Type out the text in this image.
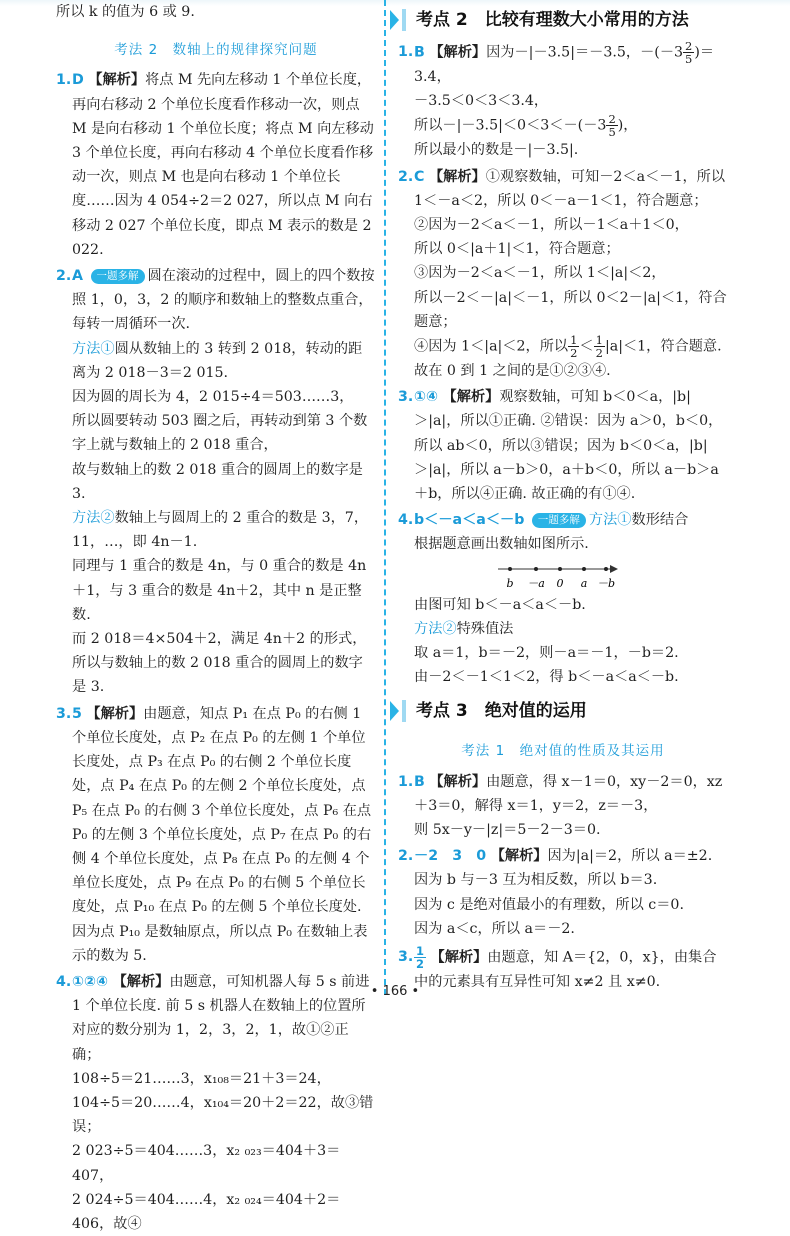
所以 k 的值为 6 或 9.

考法 2　数轴上的规律探究问题
1. D 【解析】将点 M 先向左移动 1 个单位长度，再向右移动 2 个单位长度看作移动一次，则点 M 是向右移动 1 个单位长度；将点 M 向左移动 3 个单位长度，再向右移动 4 个单位长度看作移动一次，则点 M 也是向右移动 1 个单位长度……因为 4 054÷2＝2 027，所以点 M 向右移动 2 027 个单位长度，即点 M 表示的数是 2 022.
2. A 一题多解 圆在滚动的过程中，圆上的四个数按照 1，0，3，2 的顺序和数轴上的整数点重合，每转一周循环一次.

方法①圆从数轴上的 3 转到 2 018，转动的距离为 2 018－3＝2 015.

因为圆的周长为 4，2 015÷4＝503……3，

所以圆要转动 503 圈之后，再转动到第 3 个数字上就与数轴上的 2 018 重合，

故与数轴上的数 2 018 重合的圆周上的数字是 3.

方法②数轴上与圆周上的 2 重合的数是 3，7，11，…，即 4n－1.

同理与 1 重合的数是 4n，与 0 重合的数是 4n＋1，与 3 重合的数是 4n＋2，其中 n 是正整数.

而 2 018＝4×504＋2，满足 4n＋2 的形式，

所以与数轴上的数 2 018 重合的圆周上的数字是 3.

3. 5 【解析】由题意，知点 P₁ 在点 P₀ 的右侧 1 个单位长度处，点 P₂ 在点 P₀ 的左侧 1 个单位长度处，点 P₃ 在点 P₀ 的右侧 2 个单位长度处，点 P₄ 在点 P₀ 的左侧 2 个单位长度处，点 P₅ 在点 P₀ 的右侧 3 个单位长度处，点 P₆ 在点 P₀ 的左侧 3 个单位长度处，点 P₇ 在点 P₀ 的右侧 4 个单位长度处，点 P₈ 在点 P₀ 的左侧 4 个单位长度处，点 P₉ 在点 P₀ 的右侧 5 个单位长度处，点 P₁₀ 在点 P₀ 的左侧 5 个单位长度处. 因为点 P₁₀ 是数轴原点，所以点 P₀ 在数轴上表示的数为 5.
4. ①②④ 【解析】由题意，可知机器人每 5 s 前进 1 个单位长度. 前 5 s 机器人在数轴上的位置所对应的数分别为 1，2，3，2，1，故①②正确；

108÷5＝21……3，x₁₀₈＝21＋3＝24，104÷5＝20……4，x₁₀₄＝20＋2＝22，故③错误；

2 023÷5＝404……3，x₂ ₀₂₃＝404＋3＝407，

2 024÷5＝404……4，x₂ ₀₂₄＝404＋2＝406，故④

考点 2　比较有理数大小常用的方法
1. B 【解析】因为－|－3.5|＝－3.5，$-(-3 \frac{2}{5} )=3.4$，

－3.5＜0＜3＜3.4，

所以$-|-3.5|<0<3<-(-3 \frac{2}{5}$ )，

所以最小的数是－|－3.5|.

2. C 【解析】①观察数轴，可知－2＜a＜－1，所以 1＜－a＜2，所以 0＜－a－1＜1，符合题意；

②因为－2＜a＜－1，所以－1＜a＋1＜0，

所以 0＜|a＋1|＜1，符合题意；

③因为－2＜a＜－1，所以 1＜|a|＜2，

所以－2＜－|a|＜－1，所以 0＜2－|a|＜1，符合题意；

④因为 1＜|a|＜2，所以 $\frac{1}{2} < \frac{1}{2} |a|<1$，符合题意.

故在 0 到 1 之间的是①②③④.

3. ①④ 【解析】观察数轴，可知 b＜0＜a，|b|＞|a|，所以①正确. ②错误：因为 a＞0，b＜0，所以 ab＜0，所以③错误；因为 b＜0＜a，|b|＞|a|，所以 a－b＞0，a＋b＜0，所以 a－b＞a＋b，所以④正确. 故正确的有①④.
4. b＜－a＜a＜－b 一题多解 方法①数形结合

根据题意画出数轴如图所示.

b －a 0 a －b

由图可知 b＜－a＜a＜－b.

方法②特殊值法

取 a＝1，b＝－2，则－a＝－1，－b＝2.

由－2＜－1＜1＜2，得 b＜－a＜a＜－b.

考点 3　绝对值的运用
考法 1　绝对值的性质及其运用
1. B 【解析】由题意，得 x－1＝0，xy－2＝0，xz＋3＝0，解得 x＝1，y＝2，z＝－3，

则 5x－y－|z|＝5－2－3＝0.

2. －2　3　0 【解析】因为|a|＝2，所以 a＝±2.

因为 b 与－3 互为相反数，所以 b＝3.

因为 c 是绝对值最小的有理数，所以 c＝0.

因为 a＜c，所以 a＝－2.

3. $\frac{1}{2}$ 【解析】由题意，知 A＝{2，0，x}，由集合中的元素具有互异性可知 x≠2 且 x≠0.
• 166 •
